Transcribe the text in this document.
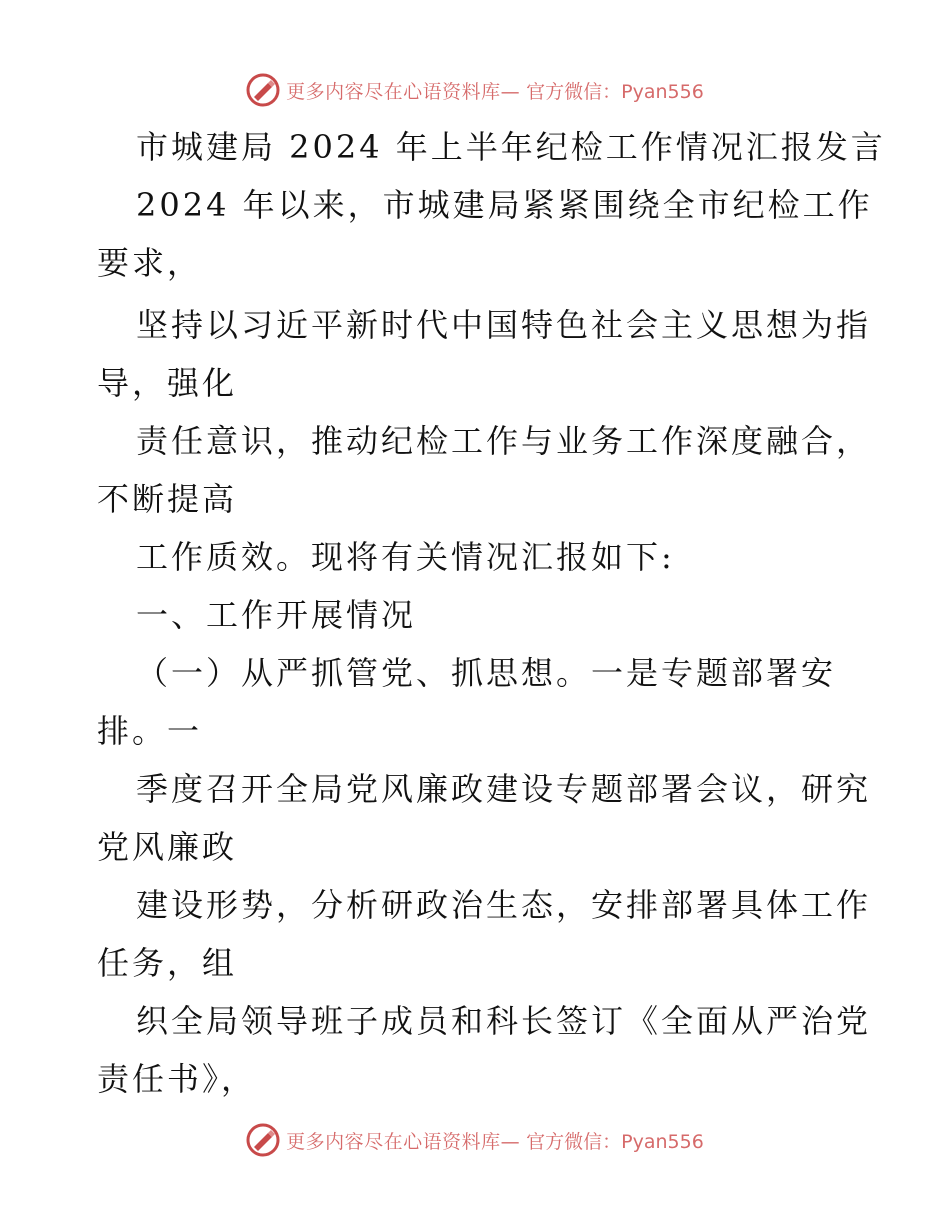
更多内容尽在心语资料库— 官方微信：Pyan556
市城建局 2024 年上半年纪检工作情况汇报发言
2024 年以来，市城建局紧紧围绕全市纪检工作
要求，
坚持以习近平新时代中国特色社会主义思想为指
导，强化
责任意识，推动纪检工作与业务工作深度融合，
不断提高
工作质效。现将有关情况汇报如下:
一、工作开展情况
（一）从严抓管党、抓思想。一是专题部署安
排。一
季度召开全局党风廉政建设专题部署会议，研究
党风廉政
建设形势，分析研政治生态，安排部署具体工作
任务，组
织全局领导班子成员和科长签订《全面从严治党
责任书》，
更多内容尽在心语资料库— 官方微信：Pyan556
